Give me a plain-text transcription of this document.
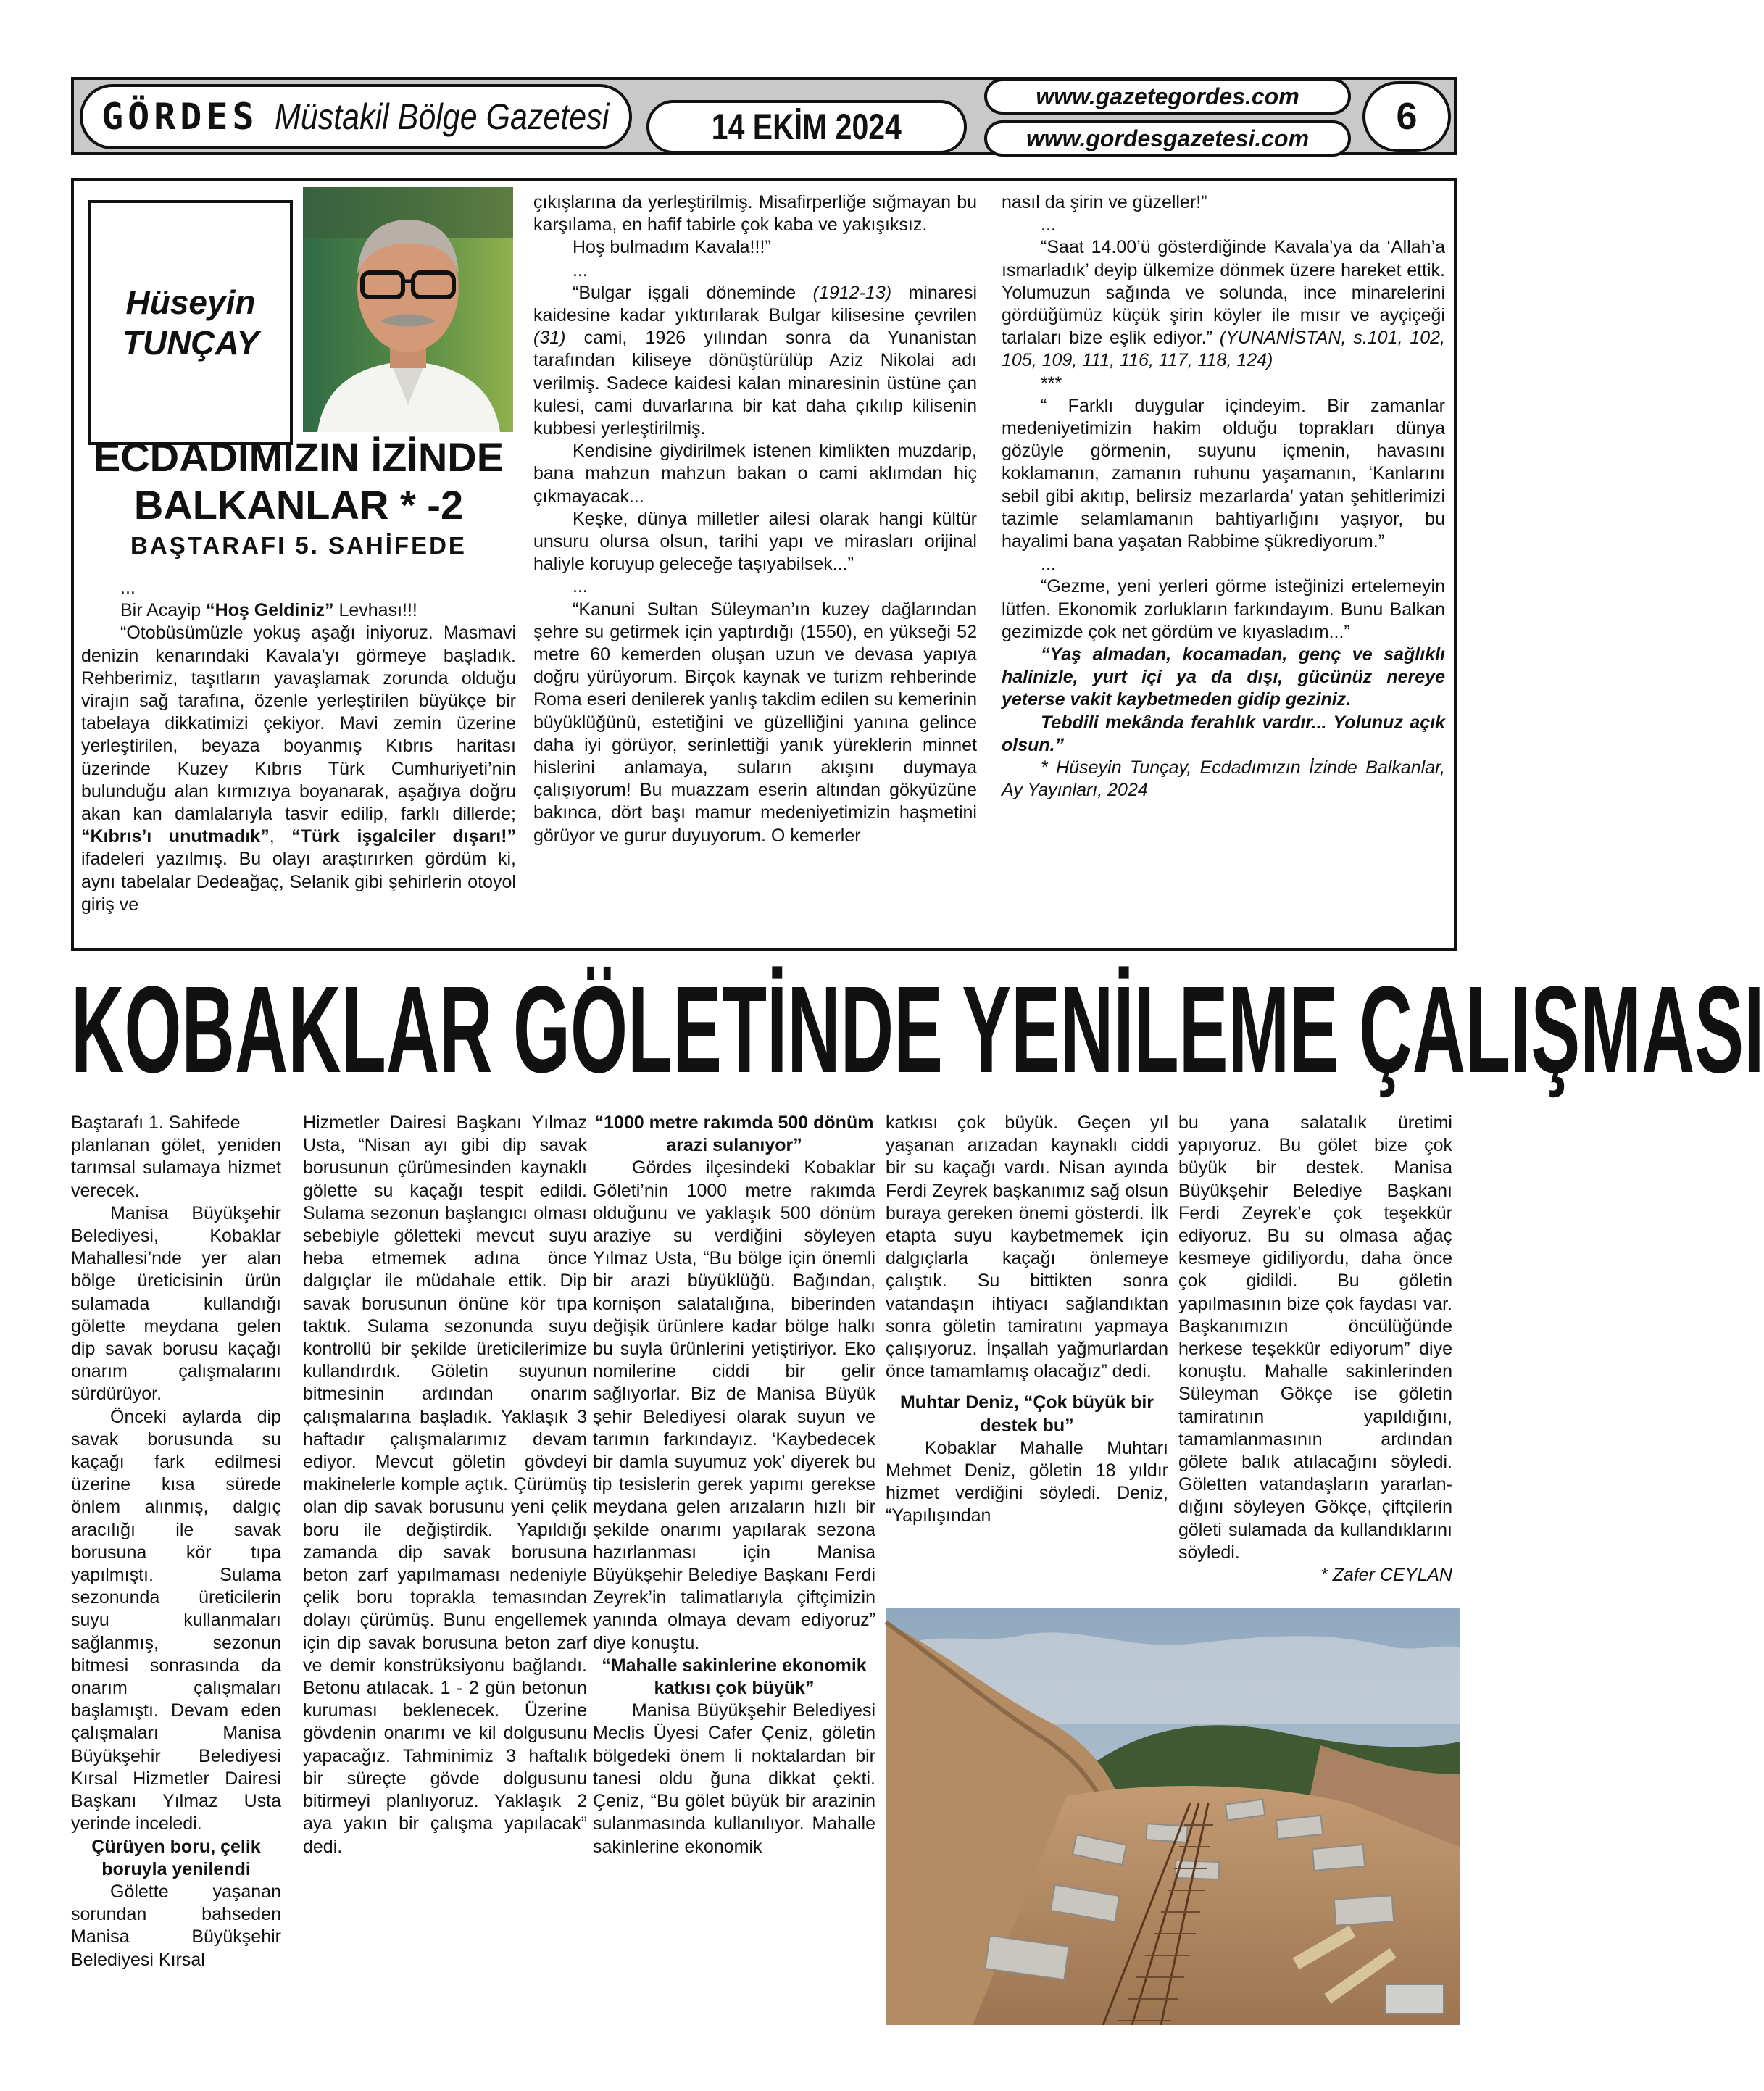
GÖRDES Müstakil Bölge Gazetesi	14 EKİM 2024
www.gazetegordes.com
www.gordesgazetesi.com
6
Hüseyin
TUNÇAY
ECDADIMIZIN İZİNDE
BALKANLAR * -2
BAŞTARAFI 5. SAHİFEDE

...

Bir Acayip “Hoş Geldiniz” Levhası!!!

“Otobüsümüzle yokuş aşağı iniyoruz. Masmavi denizin kenarındaki Kavala’yı görmeye başladık. Rehberimiz, taşıtların yavaşlamak zorunda olduğu virajın sağ tarafına, özenle yerleştirilen büyükçe bir tabelaya dikkatimizi çekiyor. Mavi zemin üzerine yerleştirilen, beyaza boyanmış Kıbrıs haritası üzerinde Kuzey Kıbrıs Türk Cumhuriyeti’nin bulunduğu alan kırmızıya boyanarak, aşağıya doğru akan kan damlalarıyla tasvir edilip, farklı dillerde; “Kıbrıs’ı unutmadık”, “Türk işgalciler dışarı!” ifadeleri yazılmış. Bu olayı araştırırken gördüm ki, aynı tabelalar Dedeağaç, Selanik gibi şehirlerin otoyol giriş ve

çıkışlarına da yerleştirilmiş. Misafirperliğe sığmayan bu karşılama, en hafif tabirle çok kaba ve yakışıksız.

Hoş bulmadım Kavala!!!”

...

“Bulgar işgali döneminde (1912-13) minaresi kaidesine kadar yıktırılarak Bulgar kilisesine çevrilen (31) cami, 1926 yılından sonra da Yunanistan tarafından kiliseye dönüştürülüp Aziz Nikolai adı verilmiş. Sadece kaidesi kalan minaresinin üstüne çan kulesi, cami duvarlarına bir kat daha çıkılıp kilisenin kubbesi yerleştirilmiş.

Kendisine giydirilmek istenen kimlikten muzdarip, bana mahzun mahzun bakan o cami aklımdan hiç çıkmayacak...

Keşke, dünya milletler ailesi olarak hangi kültür unsuru olursa olsun, tarihi yapı ve mirasları orijinal haliyle koruyup geleceğe taşıyabilsek...”

...

“Kanuni Sultan Süleyman’ın kuzey dağlarından şehre su getirmek için yaptırdığı (1550), en yükseği 52 metre 60 kemerden oluşan uzun ve devasa yapıya doğru yürüyorum. Birçok kaynak ve turizm rehberinde Roma eseri denilerek yanlış takdim edilen su kemerinin büyüklüğünü, estetiğini ve güzelliğini yanına gelince daha iyi görüyor, serinlettiği yanık yüreklerin minnet hislerini anlamaya, suların akışını duymaya çalışıyorum! Bu muazzam eserin altından gökyüzüne bakınca, dört başı mamur medeniyetimizin haşmetini görüyor ve gurur duyuyorum. O kemerler

nasıl da şirin ve güzeller!”

...

“Saat 14.00’ü gösterdiğinde Kavala’ya da ‘Allah’a ısmarladık’ deyip ülkemize dönmek üzere hareket ettik. Yolumuzun sağında ve solunda, ince minarelerini gördüğümüz küçük şirin köyler ile mısır ve ayçiçeği tarlaları bize eşlik ediyor.” (YUNANİSTAN, s.101, 102, 105, 109, 111, 116, 117, 118, 124)

***

“ Farklı duygular içindeyim. Bir zamanlar medeniyetimizin hakim olduğu toprakları dünya gözüyle görmenin, suyunu içmenin, havasını koklamanın, zamanın ruhunu yaşamanın, ‘Kanlarını sebil gibi akıtıp, belirsiz mezarlarda’ yatan şehitlerimizi tazimle selamlamanın bahtiyarlığını yaşıyor, bu hayalimi bana yaşatan Rabbime şükrediyorum.”

...

“Gezme, yeni yerleri görme isteğinizi ertelemeyin lütfen. Ekonomik zorlukların farkındayım. Bunu Balkan gezimizde çok net gördüm ve kıyasladım...”

“Yaş almadan, kocamadan, genç ve sağlıklı halinizle, yurt içi ya da dışı, gücünüz nereye yeterse vakit kaybetmeden gidip geziniz.

Tebdili mekânda ferahlık vardır... Yolunuz açık olsun.”

* Hüseyin Tunçay, Ecdadımızın İzinde Balkanlar, Ay Yayınları, 2024

KOBAKLAR GÖLETİNDE YENİLEME ÇALIŞMASI

Baştarafı 1. Sahifede

planlanan gölet, yeniden tarımsal sulamaya hizmet verecek.

Manisa Büyükşehir Belediyesi, Kobaklar Mahallesi’nde yer alan bölge üreticisinin ürün sulamada kullandığı gölette meydana gelen dip savak borusu kaçağı onarım çalışmalarını sürdürüyor.

Önceki aylarda dip savak borusunda su kaçağı fark edilmesi üzerine kısa sürede önlem alınmış, dalgıç aracılığı ile savak borusuna kör tıpa yapılmıştı. Sulama sezonunda üreticilerin suyu kullanmaları sağlanmış, sezonun bitmesi sonrasında da onarım çalışmaları başlamıştı. Devam eden çalışmaları Manisa Büyükşehir Belediyesi Kırsal Hizmetler Dairesi Başkanı Yılmaz Usta yerinde inceledi.

Çürüyen boru, çelik boruyla yenilendi

Gölette yaşanan sorundan bahseden Manisa Büyükşehir Belediyesi Kırsal

Hizmetler Dairesi Başkanı Yılmaz Usta, “Nisan ayı gibi dip savak borusunun çürümesinden kaynaklı gölette su kaçağı tespit edildi. Sulama sezonun başlangıcı olması sebebiyle göletteki mevcut suyu heba etmemek adına önce dalgıçlar ile müdahale ettik. Dip savak borusunun önüne kör tıpa taktık. Sulama sezonunda suyu kontrollü bir şekilde üreticilerimize kullandırdık. Göletin suyunun bitmesinin ardından onarım çalışmalarına başladık. Yaklaşık 3 haftadır çalışmalarımız devam ediyor. Mevcut göletin gövdeyi makinelerle komple açtık. Çürümüş olan dip savak borusunu yeni çelik boru ile değiştirdik. Yapıldığı zamanda dip savak borusuna beton zarf yapılmaması nedeniyle çelik boru toprakla temasından dolayı çürümüş. Bunu engellemek için dip savak borusuna beton zarf ve demir konstrüksiyonu bağlandı. Betonu atılacak. 1 - 2 gün betonun kuruması beklenecek. Üzerine gövdenin onarımı ve kil dolgusunu yapacağız. Tahminimiz 3 haftalık bir süreçte gövde dolgusunu bitirmeyi planlıyoruz. Yaklaşık 2 aya yakın bir çalışma yapılacak” dedi.

“1000 metre rakımda 500 dönüm arazi sulanıyor”

Gördes ilçesindeki Kobaklar Göleti’nin 1000 metre rakımda olduğunu ve yaklaşık 500 dönüm araziye su verdiğini söyleyen Yılmaz Usta, “Bu bölge için önemli bir arazi büyüklüğü. Bağından, kornişon salatalığına, biberinden değişik ürünlere kadar bölge halkı bu suyla ürünlerini yetiştiriyor. Eko nomilerine ciddi bir gelir sağlıyorlar. Biz de Manisa Büyük şehir Belediyesi olarak suyun ve tarımın farkındayız. ‘Kaybedecek bir damla suyumuz yok’ diyerek bu tip tesislerin gerek yapımı gerekse meydana gelen arızaların hızlı bir şekilde onarımı yapılarak sezona hazırlanması için Manisa Büyükşehir Belediye Başkanı Ferdi Zeyrek’in talimatlarıyla çiftçimizin yanında olmaya devam ediyoruz” diye konuştu.

“Mahalle sakinlerine ekonomik katkısı çok büyük”

Manisa Büyükşehir Belediyesi Meclis Üyesi Cafer Çeniz, göletin bölgedeki önem li noktalardan bir tanesi oldu ğuna dikkat çekti. Çeniz, “Bu gölet büyük bir arazinin sulanmasında kullanılıyor. Mahalle sakinlerine ekonomik

katkısı çok büyük. Geçen yıl yaşanan arızadan kaynaklı ciddi bir su kaçağı vardı. Nisan ayında Ferdi Zeyrek başkanımız sağ olsun buraya gereken önemi gösterdi. İlk etapta suyu kaybetmemek için dalgıçlarla kaçağı önlemeye çalıştık. Su bittikten sonra vatandaşın ihtiyacı sağlandıktan sonra göletin tamiratını yapmaya çalışıyoruz. İnşallah yağmurlardan önce tamamlamış olacağız” dedi.

Muhtar Deniz, “Çok büyük bir destek bu”

Kobaklar Mahalle Muhtarı Mehmet Deniz, göletin 18 yıldır hizmet verdiğini söyledi. Deniz, “Yapılışından

bu yana salatalık üretimi yapıyoruz. Bu gölet bize çok büyük bir destek. Manisa Büyükşehir Belediye Başkanı Ferdi Zeyrek’e çok teşekkür ediyoruz. Bu su olmasa ağaç kesmeye gidiliyordu, daha önce çok gidildi. Bu göletin yapılmasının bize çok faydası var. Başkanımızın öncülüğünde herkese teşekkür ediyorum” diye konuştu. Mahalle sakinlerinden Süleyman Gökçe ise göletin tamiratının yapıldığını, tamamlanmasının ardından gölete balık atılacağını söyledi. Göletten vatandaşların yararlan-dığını söyleyen Gökçe, çiftçilerin göleti sulamada da kullandıklarını söyledi.

* Zafer CEYLAN
